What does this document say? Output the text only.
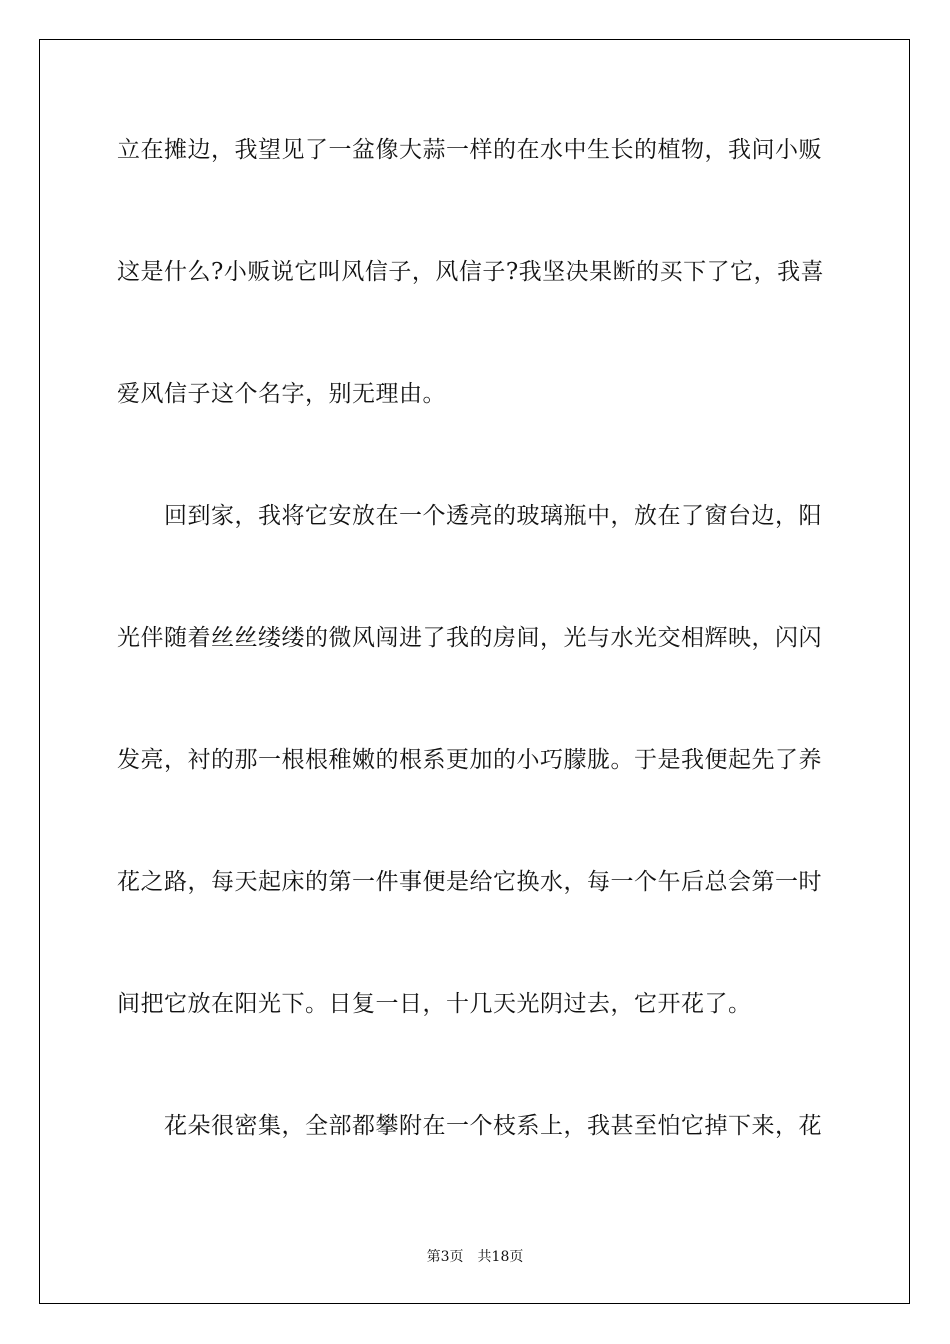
立在摊边，我望见了一盆像大蒜一样的在水中生长的植物，我问小贩
这是什么?小贩说它叫风信子，风信子?我坚决果断的买下了它，我喜
爱风信子这个名字，别无理由。
回到家，我将它安放在一个透亮的玻璃瓶中，放在了窗台边，阳
光伴随着丝丝缕缕的微风闯进了我的房间，光与水光交相辉映，闪闪
发亮，衬的那一根根稚嫩的根系更加的小巧朦胧。于是我便起先了养
花之路，每天起床的第一件事便是给它换水，每一个午后总会第一时
间把它放在阳光下。日复一日，十几天光阴过去，它开花了。
花朵很密集，全部都攀附在一个枝系上，我甚至怕它掉下来，花
第3页 共18页
